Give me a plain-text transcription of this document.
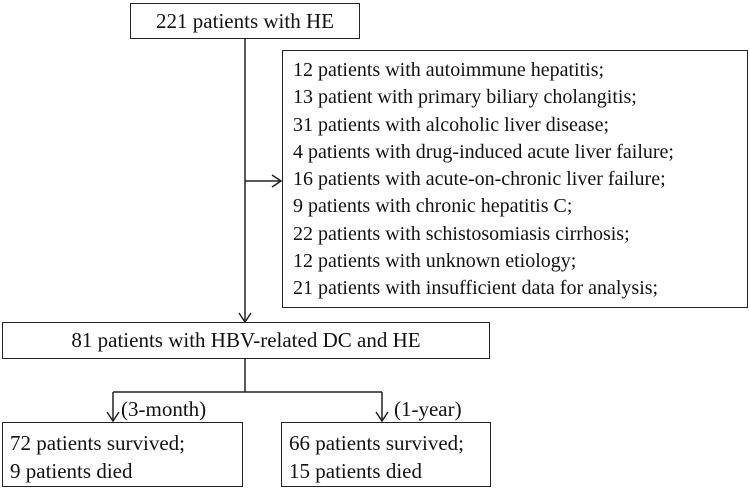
221 patients with HE
12 patients with autoimmune hepatitis;
13 patient with primary biliary cholangitis;
31 patients with alcoholic liver disease;
4 patients with drug-induced acute liver failure;
16 patients with acute-on-chronic liver failure;
9 patients with chronic hepatitis C;
22 patients with schistosomiasis cirrhosis;
12 patients with unknown etiology;
21 patients with insufficient data for analysis;
81 patients with HBV-related DC and HE
(3-month)	(1-year)
72 patients survived;
9 patients died
66 patients survived;
15 patients died
